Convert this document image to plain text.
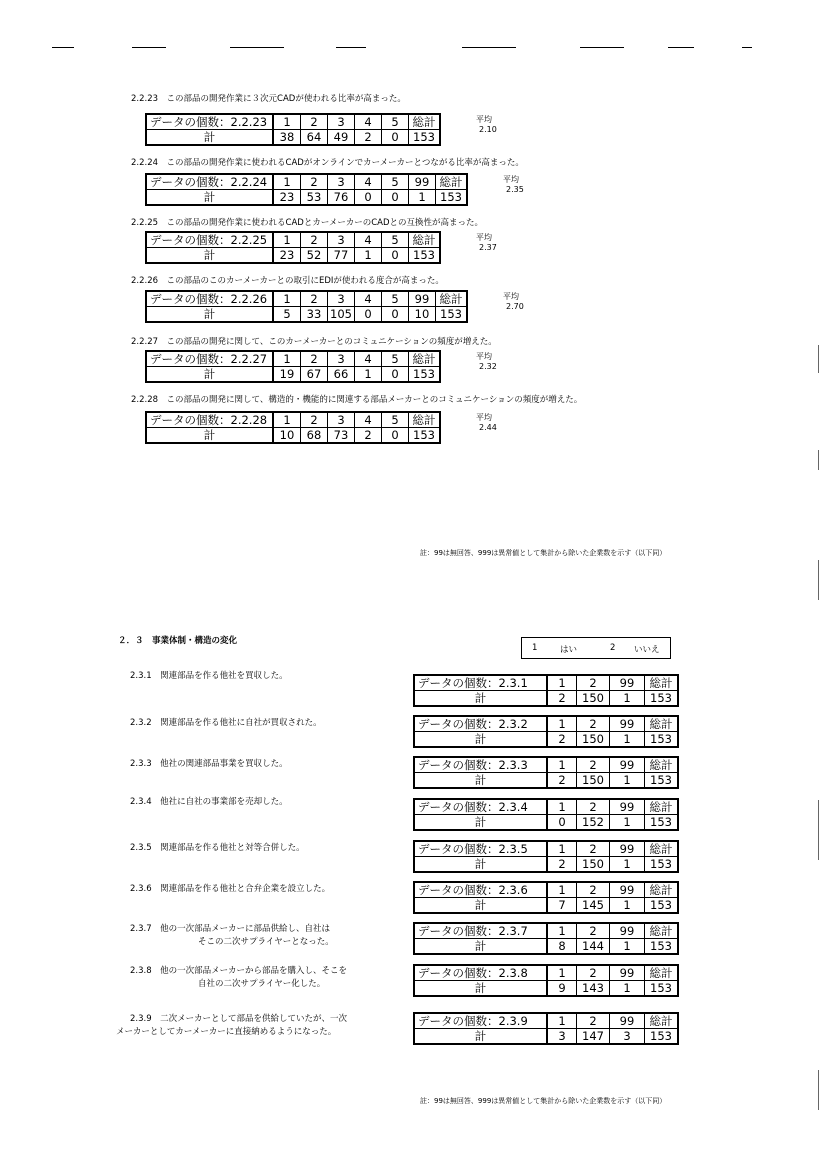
2.2.23　この部品の開発作業に３次元CADが使われる比率が高まった。
データの個数：2.2.23	1	2	3	4	5	総計
計	38	64	49	2	0	153
平均
2.10
2.2.24　この部品の開発作業に使われるCADがオンラインでカーメーカーとつながる比率が高まった。
データの個数：2.2.24	1	2	3	4	5	99	総計
計	23	53	76	0	0	1	153
平均
2.35
2.2.25　この部品の開発作業に使われるCADとカーメーカーのCADとの互換性が高まった。
データの個数：2.2.25	1	2	3	4	5	総計
計	23	52	77	1	0	153
平均
2.37
2.2.26　この部品のこのカーメーカーとの取引にEDIが使われる度合が高まった。
データの個数：2.2.26	1	2	3	4	5	99	総計
計	5	33	105	0	0	10	153
平均
2.70
2.2.27　この部品の開発に関して、このカーメーカーとのコミュニケーションの頻度が増えた。
データの個数：2.2.27	1	2	3	4	5	総計
計	19	67	66	1	0	153
平均
2.32
2.2.28　この部品の開発に関して、構造的・機能的に関連する部品メーカーとのコミュニケーションの頻度が増えた。
データの個数：2.2.28	1	2	3	4	5	総計
計	10	68	73	2	0	153
平均
2.44
註：99は無回答、999は異常値として集計から除いた企業数を示す（以下同）
２．３　事業体制・構造の変化
1	はい	2 いいえ
2.3.1　関連部品を作る他社を買収した。	データの個数：2.3.1	1	2	99	総計
計	2	150	1	153
2.3.2　関連部品を作る他社に自社が買収された。	データの個数：2.3.2	1	2	99	総計
計	2	150	1	153
2.3.3　他社の関連部品事業を買収した。	データの個数：2.3.3	1	2	99	総計
計	2	150	1	153
2.3.4　他社に自社の事業部を売却した。	データの個数：2.3.4	1	2	99	総計
計	0	152	1	153
2.3.5　関連部品を作る他社と対等合併した。	データの個数：2.3.5	1	2	99	総計
計	2	150	1	153
2.3.6　関連部品を作る他社と合弁企業を設立した。	データの個数：2.3.6	1	2	99	総計
計	7	145	1	153
2.3.7　他の一次部品メーカーに部品供給し、自社は
そこの二次サプライヤーとなった。
データの個数：2.3.7	1	2	99	総計
計	8	144	1	153
2.3.8　他の一次部品メーカーから部品を購入し、そこを
自社の二次サプライヤー化した。
データの個数：2.3.8	1	2	99	総計
計	9	143	1	153
2.3.9　二次メーカーとして部品を供給していたが、一次
メーカーとしてカーメーカーに直接納めるようになった。
データの個数：2.3.9	1	2	99	総計
計	3	147	3	153
註：99は無回答、999は異常値として集計から除いた企業数を示す（以下同）
